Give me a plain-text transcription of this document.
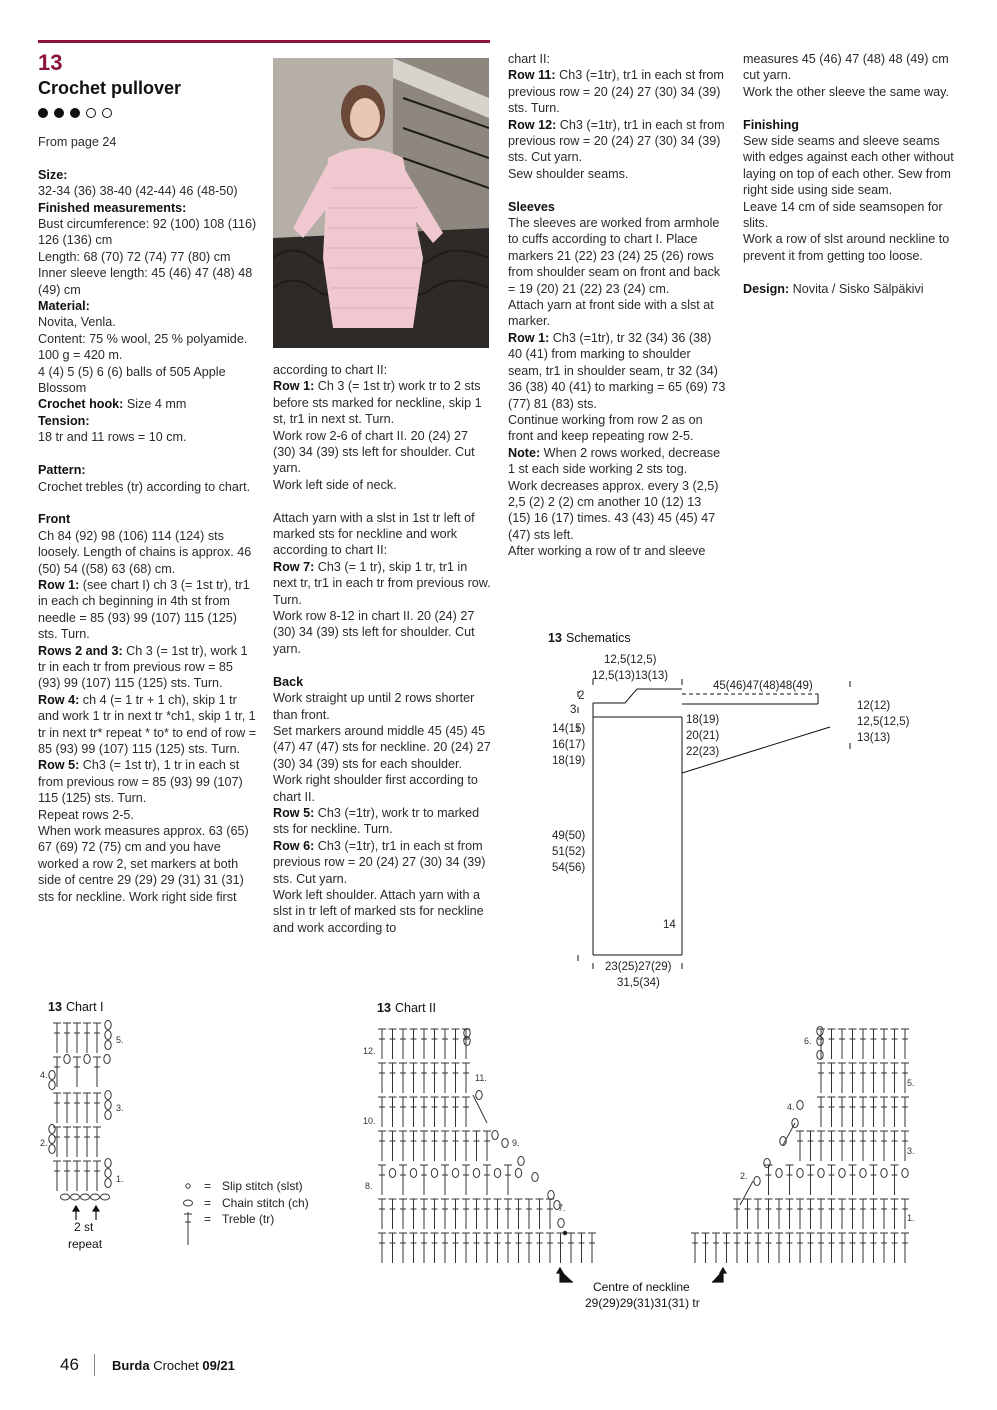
13
Crochet pullover

From page 24

Size:

32-34 (36) 38-40 (42-44) 46 (48-50)

Finished measurements:

Bust circumference: 92 (100) 108 (116) 126 (136) cm

Length: 68 (70) 72 (74) 77 (80) cm

Inner sleeve length: 45 (46) 47 (48) 48 (49) cm

Material:

Novita, Venla.

Content: 75 % wool, 25 % polyamide. 100 g = 420 m.

4 (4) 5 (5) 6 (6) balls of 505 Apple Blossom

Crochet hook: Size 4 mm

Tension:

18 tr and 11 rows = 10 cm.

Pattern:

Crochet trebles (tr) according to chart.

Front

Ch 84 (92) 98 (106) 114 (124) sts loosely. Length of chains is approx. 46 (50) 54 ((58) 63 (68) cm.

Row 1: (see chart I) ch 3 (= 1st tr), tr1 in each ch beginning in 4th st from needle = 85 (93) 99 (107) 115 (125) sts. Turn.

Rows 2 and 3: Ch 3 (= 1st tr), work 1 tr in each tr from previous row = 85 (93) 99 (107) 115 (125) sts. Turn.

Row 4: ch 4 (= 1 tr + 1 ch), skip 1 tr and work 1 tr in next tr *ch1, skip 1 tr, 1 tr in next tr* repeat * to* to end of row = 85 (93) 99 (107) 115 (125) sts. Turn.

Row 5: Ch3 (= 1st tr), 1 tr in each st from previous row = 85 (93) 99 (107) 115 (125) sts. Turn.

Repeat rows 2-5.

When work measures approx. 63 (65) 67 (69) 72 (75) cm and you have worked a row 2, set markers at both side of centre 29 (29) 29 (31) 31 (31) sts for neckline. Work right side first

according to chart II:

Row 1: Ch 3 (= 1st tr) work tr to 2 sts before sts marked for neckline, skip 1 st, tr1 in next st. Turn.

Work row 2-6 of chart II. 20 (24) 27 (30) 34 (39) sts left for shoulder. Cut yarn.

Work left side of neck.

Attach yarn with a slst in 1st tr left of marked sts for neckline and work according to chart II:

Row 7: Ch3 (= 1 tr), skip 1 tr, tr1 in next tr, tr1 in each tr from previous row. Turn.

Work row 8-12 in chart II. 20 (24) 27 (30) 34 (39) sts left for shoulder. Cut yarn.

Back

Work straight up until 2 rows shorter than front.

Set markers around middle 45 (45) 45 (47) 47 (47) sts for neckline. 20 (24) 27 (30) 34 (39) sts for each shoulder. Work right shoulder first according to chart II.

Row 5: Ch3 (=1tr), work tr to marked sts for neckline. Turn.

Row 6: Ch3 (=1tr), tr1 in each st from previous row = 20 (24) 27 (30) 34 (39) sts. Cut yarn.

Work left shoulder. Attach yarn with a slst in tr left of marked sts for neckline and work according to

chart II:

Row 11: Ch3 (=1tr), tr1 in each st from previous row = 20 (24) 27 (30) 34 (39) sts. Turn.

Row 12: Ch3 (=1tr), tr1 in each st from previous row = 20 (24) 27 (30) 34 (39) sts. Cut yarn.

Sew shoulder seams.

Sleeves

The sleeves are worked from armhole to cuffs according to chart I. Place markers 21 (22) 23 (24) 25 (26) rows from shoulder seam on front and back = 19 (20) 21 (22) 23 (24) cm.

Attach yarn at front side with a slst at marker.

Row 1: Ch3 (=1tr), tr 32 (34) 36 (38) 40 (41) from marking to shoulder seam, tr1 in shoulder seam, tr 32 (34) 36 (38) 40 (41) to marking = 65 (69) 73 (77) 81 (83) sts.

Continue working from row 2 as on front and keep repeating row 2-5.

Note: When 2 rows worked, decrease 1 st each side working 2 sts tog.

Work decreases approx. every 3 (2,5) 2,5 (2) 2 (2) cm another 10 (12) 13 (15) 16 (17) times. 43 (43) 45 (45) 47 (47) sts left.

After working a row of tr and sleeve

measures 45 (46) 47 (48) 48 (49) cm cut yarn.

Work the other sleeve the same way.

Finishing

Sew side seams and sleeve seams with edges against each other without laying on top of each other. Sew from right side using side seam.

Leave 14 cm of side seamsopen for slits.

Work a row of slst around neckline to prevent it from getting too loose.

Design: Novita / Sisko Sälpäkivi

13 Schematics
12,5(12,5)
12,5(13)13(13)
45(46)47(48)48(49)
2
3
14(15)
16(17)
18(19)
18(19)
20(21)
22(23)
12(12)
12,5(12,5)
13(13)
49(50)
51(52)
54(56)
14
23(25)27(29)
31,5(34)
13 Chart I
1.
2.
3.
4.
5.
2 st
repeat
=
=
=
Slip stitch (slst)
Chain stitch (ch)
Treble (tr)
13 Chart II
7.
8.
9.
10.
11.
12.
1.
2.
3.
4.
5.
6.
Centre of neckline
29(29)29(31)31(31) tr
46	Burda Crochet 09/21
